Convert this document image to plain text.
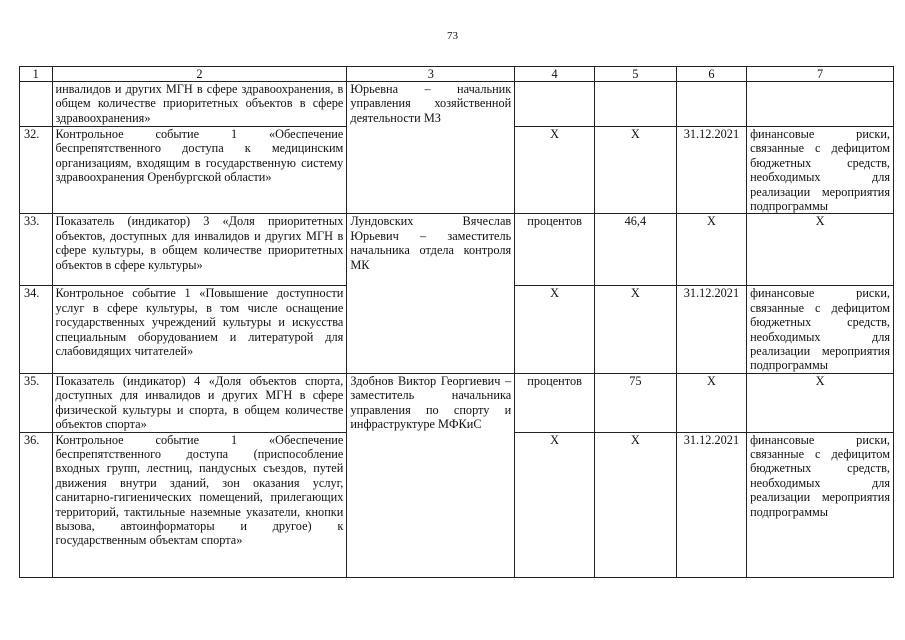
73
1	2	3	4	5	6	7
	инвалидов и других МГН в сфере здравоохранения, в общем количестве приоритетных объектов в сфере здравоохранения»	Юрьевна – начальник управления хозяйственной деятельности МЗ				
32.	Контрольное событие 1 «Обеспечение беспрепятственного доступа к медицинским организациям, входящим в государственную систему здравоохранения Оренбургской области»		Х	Х	31.12.2021	финансовые риски, связанные с дефицитом бюджетных средств, необходимых для реализации мероприятия подпрограммы
33.	Показатель (индикатор) 3 «Доля приоритетных объектов, доступных для инвалидов и других МГН в сфере культуры, в общем количестве приоритетных объектов в сфере культуры»	Лундовских Вячеслав Юрьевич – заместитель начальника отдела контроля МК	процентов	46,4	Х	Х
34.	Контрольное событие 1 «Повышение доступности услуг в сфере культуры, в том числе оснащение государственных учреждений культуры и искусства специальным оборудованием и литературой для слабовидящих читателей»		Х	Х	31.12.2021	финансовые риски, связанные с дефицитом бюджетных средств, необходимых для реализации мероприятия подпрограммы
35.	Показатель (индикатор) 4 «Доля объектов спорта, доступных для инвалидов и других МГН в сфере физической культуры и спорта, в общем количестве объектов спорта»	Здобнов Виктор Георгиевич – заместитель начальника управления по спорту и инфраструктуре МФКиС	процентов	75	Х	Х
36.	Контрольное событие 1 «Обеспечение беспрепятственного доступа (приспособление входных групп, лестниц, пандусных съездов, путей движения внутри зданий, зон оказания услуг, санитарно-гигиенических помещений, прилегающих территорий, тактильные наземные указатели, кнопки вызова, автоинформаторы и другое) к государственным объектам спорта»		Х	Х	31.12.2021	финансовые риски, связанные с дефицитом бюджетных средств, необходимых для реализации мероприятия подпрограммы
